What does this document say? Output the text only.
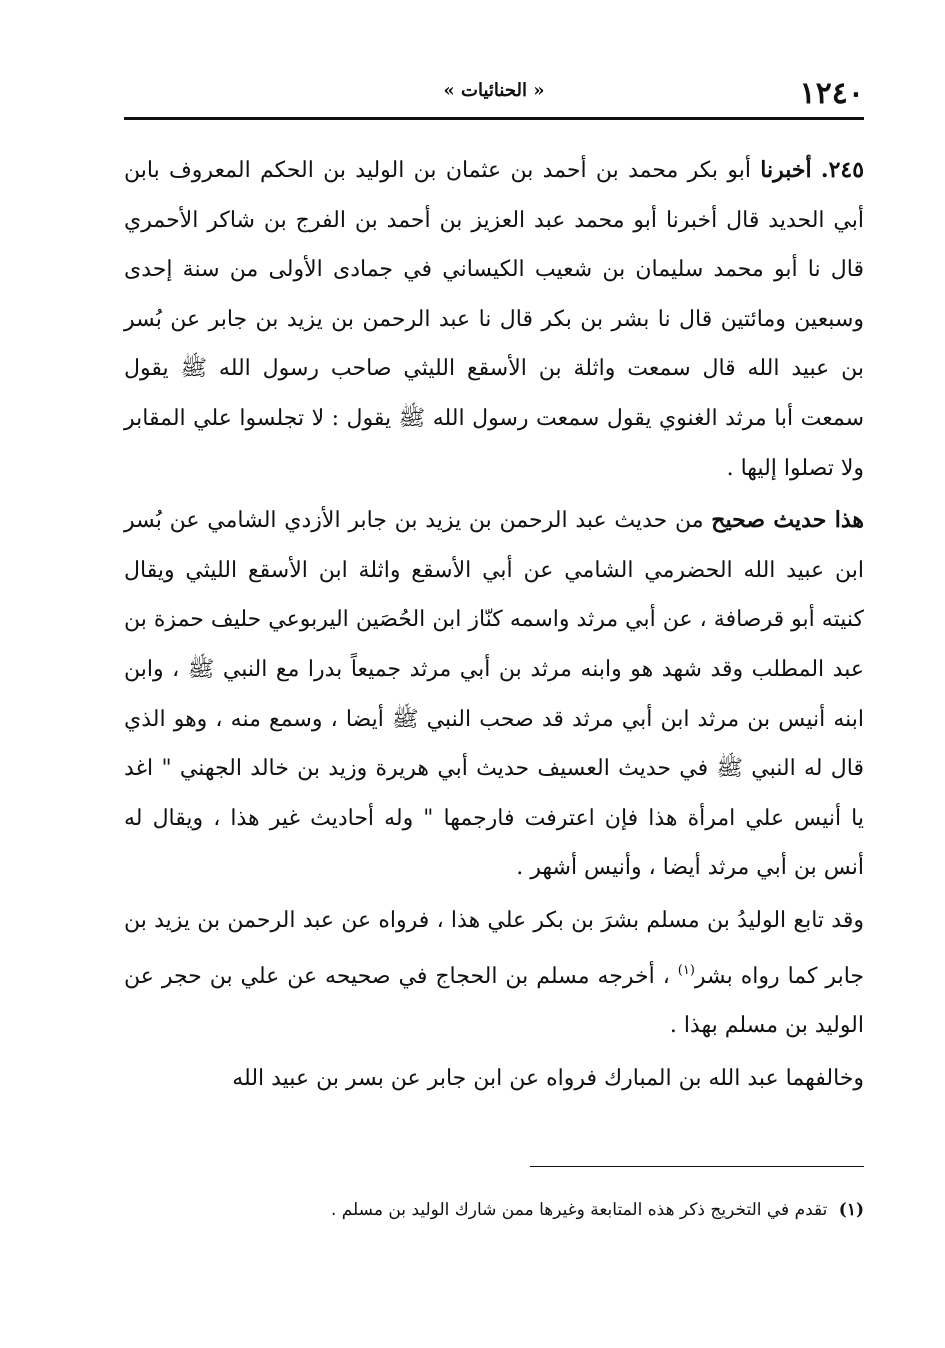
١٢٤٠
« الحنائيات »

٢٤٥. أخبرنا أبو بكر محمد بن أحمد بن عثمان بن الوليد بن الحكم المعروف بابن أبي الحديد قال أخبرنا أبو محمد عبد العزيز بن أحمد بن الفرج بن شاكر الأحمري قال نا أبو محمد سليمان بن شعيب الكيساني في جمادى الأولى من سنة إحدى وسبعين ومائتين قال نا بشر بن بكر قال نا عبد الرحمن بن يزيد بن جابر عن بُسر بن عبيد الله قال سمعت واثلة بن الأسقع الليثي صاحب رسول الله ﷺ يقول سمعت أبا مرثد الغنوي يقول سمعت رسول الله ﷺ يقول : لا تجلسوا علي المقابر ولا تصلوا إليها .

هذا حديث صحيح من حديث عبد الرحمن بن يزيد بن جابر الأزدي الشامي عن بُسر ابن عبيد الله الحضرمي الشامي عن أبي الأسقع واثلة ابن الأسقع الليثي ويقال كنيته أبو قرصافة ، عن أبي مرثد واسمه كنّاز ابن الحُصَين اليربوعي حليف حمزة بن عبد المطلب وقد شهد هو وابنه مرثد بن أبي مرثد جميعاً بدرا مع النبي ﷺ ، وابن ابنه أنيس بن مرثد ابن أبي مرثد قد صحب النبي ﷺ أيضا ، وسمع منه ، وهو الذي قال له النبي ﷺ في حديث العسيف حديث أبي هريرة وزيد بن خالد الجهني " اغد يا أنيس علي امرأة هذا فإن اعترفت فارجمها " وله أحاديث غير هذا ، ويقال له أنس بن أبي مرثد أيضا ، وأنيس أشهر .

وقد تابع الوليدُ بن مسلم بشرَ بن بكر علي هذا ، فرواه عن عبد الرحمن بن يزيد بن جابر كما رواه بشر$^{(١)}$ ، أخرجه مسلم بن الحجاج في صحيحه عن علي بن حجر عن الوليد بن مسلم بهذا .

وخالفهما عبد الله بن المبارك فرواه عن ابن جابر عن بسر بن عبيد الله

(١) تقدم في التخريج ذكر هذه المتابعة وغيرها ممن شارك الوليد بن مسلم .
